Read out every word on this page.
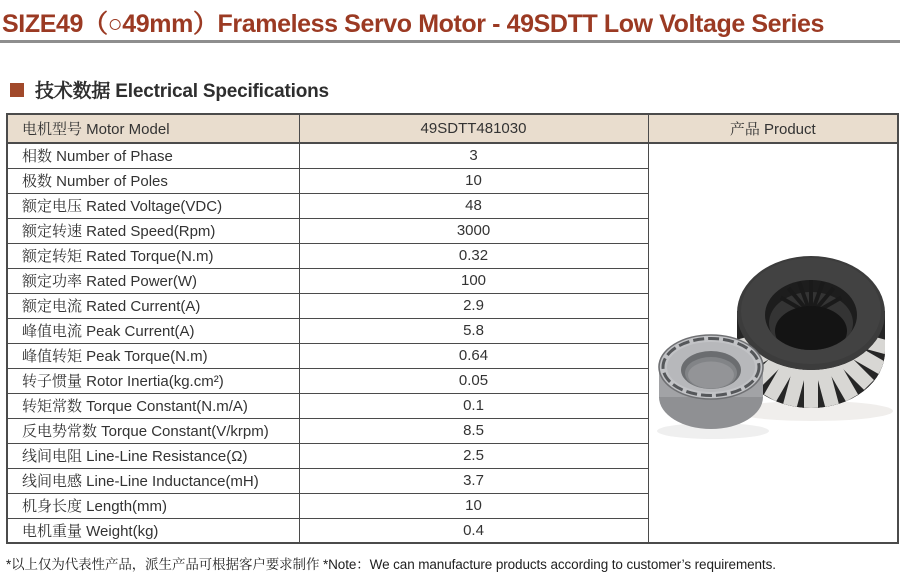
SIZE49（○49mm）Frameless Servo Motor - 49SDTT Low Voltage Series
技术数据 Electrical Specifications
电机型号 Motor Model	49SDTT481030	产品 Product
相数 Number of Phase	3	
极数 Number of Poles	10	
额定电压 Rated Voltage(VDC)	48	
额定转速 Rated Speed(Rpm)	3000	
额定转矩 Rated Torque(N.m)	0.32	
额定功率 Rated Power(W)	100	
额定电流 Rated Current(A)	2.9	
峰值电流 Peak Current(A)	5.8	
峰值转矩 Peak Torque(N.m)	0.64	
转子惯量 Rotor Inertia(kg.cm²)	0.05	
转矩常数 Torque Constant(N.m/A)	0.1	
反电势常数 Torque Constant(V/krpm)	8.5	
线间电阻 Line-Line Resistance(Ω)	2.5	
线间电感 Line-Line Inductance(mH)	3.7	
机身长度 Length(mm)	10	
电机重量 Weight(kg)	0.4	
*以上仅为代表性产品，派生产品可根据客户要求制作 *Note：We can manufacture products according to customer’s requirements.
